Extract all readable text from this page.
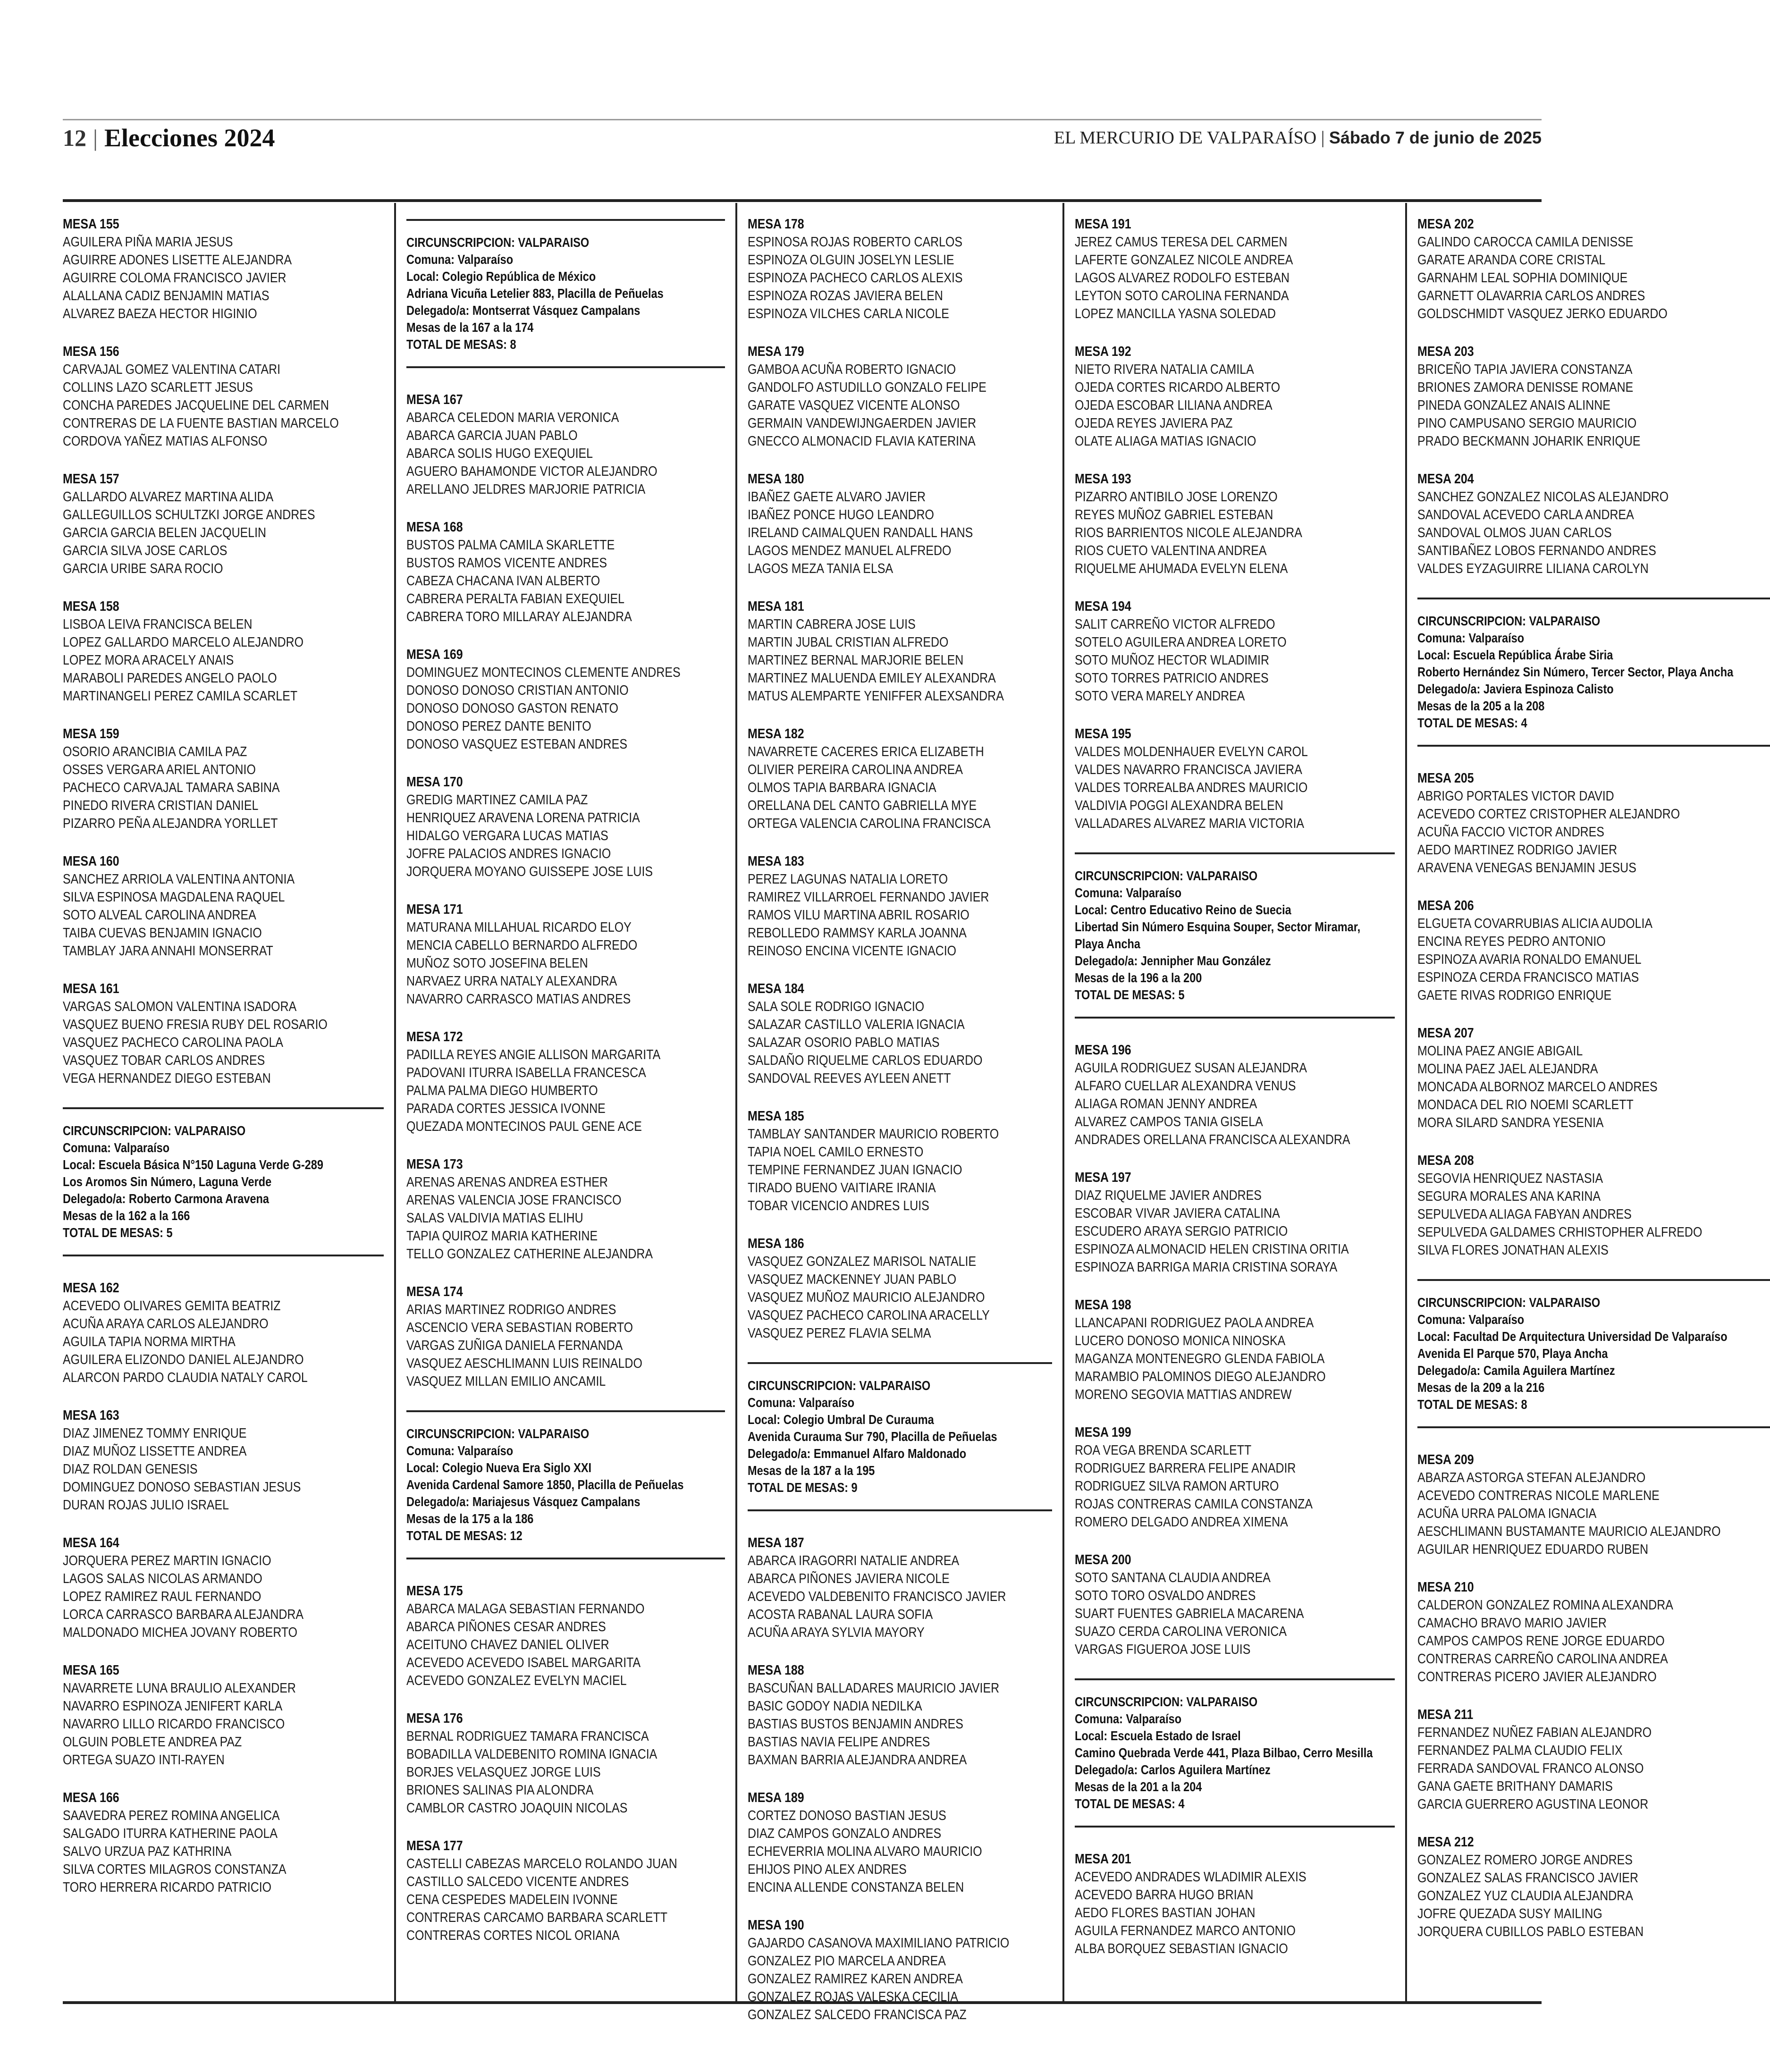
12 | Elecciones 2024	EL MERCURIO DE VALPARAÍSO | Sábado 7 de junio de 2025
MESA 155
AGUILERA PIÑA MARIA JESUS
AGUIRRE ADONES LISETTE ALEJANDRA
AGUIRRE COLOMA FRANCISCO JAVIER
ALALLANA CADIZ BENJAMIN MATIAS
ALVAREZ BAEZA HECTOR HIGINIO
MESA 156
CARVAJAL GOMEZ VALENTINA CATARI
COLLINS LAZO SCARLETT JESUS
CONCHA PAREDES JACQUELINE DEL CARMEN
CONTRERAS DE LA FUENTE BASTIAN MARCELO
CORDOVA YAÑEZ MATIAS ALFONSO
MESA 157
GALLARDO ALVAREZ MARTINA ALIDA
GALLEGUILLOS SCHULTZKI JORGE ANDRES
GARCIA GARCIA BELEN JACQUELIN
GARCIA SILVA JOSE CARLOS
GARCIA URIBE SARA ROCIO
MESA 158
LISBOA LEIVA FRANCISCA BELEN
LOPEZ GALLARDO MARCELO ALEJANDRO
LOPEZ MORA ARACELY ANAIS
MARABOLI PAREDES ANGELO PAOLO
MARTINANGELI PEREZ CAMILA SCARLET
MESA 159
OSORIO ARANCIBIA CAMILA PAZ
OSSES VERGARA ARIEL ANTONIO
PACHECO CARVAJAL TAMARA SABINA
PINEDO RIVERA CRISTIAN DANIEL
PIZARRO PEÑA ALEJANDRA YORLLET
MESA 160
SANCHEZ ARRIOLA VALENTINA ANTONIA
SILVA ESPINOSA MAGDALENA RAQUEL
SOTO ALVEAL CAROLINA ANDREA
TAIBA CUEVAS BENJAMIN IGNACIO
TAMBLAY JARA ANNAHI MONSERRAT
MESA 161
VARGAS SALOMON VALENTINA ISADORA
VASQUEZ BUENO FRESIA RUBY DEL ROSARIO
VASQUEZ PACHECO CAROLINA PAOLA
VASQUEZ TOBAR CARLOS ANDRES
VEGA HERNANDEZ DIEGO ESTEBAN
CIRCUNSCRIPCION: VALPARAISO
Comuna: Valparaíso
Local: Escuela Básica N°150 Laguna Verde G-289
Los Aromos Sin Número, Laguna Verde
Delegado/a: Roberto Carmona Aravena
Mesas de la 162 a la 166
TOTAL DE MESAS: 5
MESA 162
ACEVEDO OLIVARES GEMITA BEATRIZ
ACUÑA ARAYA CARLOS ALEJANDRO
AGUILA TAPIA NORMA MIRTHA
AGUILERA ELIZONDO DANIEL ALEJANDRO
ALARCON PARDO CLAUDIA NATALY CAROL
MESA 163
DIAZ JIMENEZ TOMMY ENRIQUE
DIAZ MUÑOZ LISSETTE ANDREA
DIAZ ROLDAN GENESIS
DOMINGUEZ DONOSO SEBASTIAN JESUS
DURAN ROJAS JULIO ISRAEL
MESA 164
JORQUERA PEREZ MARTIN IGNACIO
LAGOS SALAS NICOLAS ARMANDO
LOPEZ RAMIREZ RAUL FERNANDO
LORCA CARRASCO BARBARA ALEJANDRA
MALDONADO MICHEA JOVANY ROBERTO
MESA 165
NAVARRETE LUNA BRAULIO ALEXANDER
NAVARRO ESPINOZA JENIFERT KARLA
NAVARRO LILLO RICARDO FRANCISCO
OLGUIN POBLETE ANDREA PAZ
ORTEGA SUAZO INTI-RAYEN
MESA 166
SAAVEDRA PEREZ ROMINA ANGELICA
SALGADO ITURRA KATHERINE PAOLA
SALVO URZUA PAZ KATHRINA
SILVA CORTES MILAGROS CONSTANZA
TORO HERRERA RICARDO PATRICIO
CIRCUNSCRIPCION: VALPARAISO
Comuna: Valparaíso
Local: Colegio República de México
Adriana Vicuña Letelier 883, Placilla de Peñuelas
Delegado/a: Montserrat Vásquez Campalans
Mesas de la 167 a la 174
TOTAL DE MESAS: 8
MESA 167
ABARCA CELEDON MARIA VERONICA
ABARCA GARCIA JUAN PABLO
ABARCA SOLIS HUGO EXEQUIEL
AGUERO BAHAMONDE VICTOR ALEJANDRO
ARELLANO JELDRES MARJORIE PATRICIA
MESA 168
BUSTOS PALMA CAMILA SKARLETTE
BUSTOS RAMOS VICENTE ANDRES
CABEZA CHACANA IVAN ALBERTO
CABRERA PERALTA FABIAN EXEQUIEL
CABRERA TORO MILLARAY ALEJANDRA
MESA 169
DOMINGUEZ MONTECINOS CLEMENTE ANDRES
DONOSO DONOSO CRISTIAN ANTONIO
DONOSO DONOSO GASTON RENATO
DONOSO PEREZ DANTE BENITO
DONOSO VASQUEZ ESTEBAN ANDRES
MESA 170
GREDIG MARTINEZ CAMILA PAZ
HENRIQUEZ ARAVENA LORENA PATRICIA
HIDALGO VERGARA LUCAS MATIAS
JOFRE PALACIOS ANDRES IGNACIO
JORQUERA MOYANO GUISSEPE JOSE LUIS
MESA 171
MATURANA MILLAHUAL RICARDO ELOY
MENCIA CABELLO BERNARDO ALFREDO
MUÑOZ SOTO JOSEFINA BELEN
NARVAEZ URRA NATALY ALEXANDRA
NAVARRO CARRASCO MATIAS ANDRES
MESA 172
PADILLA REYES ANGIE ALLISON MARGARITA
PADOVANI ITURRA ISABELLA FRANCESCA
PALMA PALMA DIEGO HUMBERTO
PARADA CORTES JESSICA IVONNE
QUEZADA MONTECINOS PAUL GENE ACE
MESA 173
ARENAS ARENAS ANDREA ESTHER
ARENAS VALENCIA JOSE FRANCISCO
SALAS VALDIVIA MATIAS ELIHU
TAPIA QUIROZ MARIA KATHERINE
TELLO GONZALEZ CATHERINE ALEJANDRA
MESA 174
ARIAS MARTINEZ RODRIGO ANDRES
ASCENCIO VERA SEBASTIAN ROBERTO
VARGAS ZUÑIGA DANIELA FERNANDA
VASQUEZ AESCHLIMANN LUIS REINALDO
VASQUEZ MILLAN EMILIO ANCAMIL
CIRCUNSCRIPCION: VALPARAISO
Comuna: Valparaíso
Local: Colegio Nueva Era Siglo XXI
Avenida Cardenal Samore 1850, Placilla de Peñuelas
Delegado/a: Mariajesus Vásquez Campalans
Mesas de la 175 a la 186
TOTAL DE MESAS: 12
MESA 175
ABARCA MALAGA SEBASTIAN FERNANDO
ABARCA PIÑONES CESAR ANDRES
ACEITUNO CHAVEZ DANIEL OLIVER
ACEVEDO ACEVEDO ISABEL MARGARITA
ACEVEDO GONZALEZ EVELYN MACIEL
MESA 176
BERNAL RODRIGUEZ TAMARA FRANCISCA
BOBADILLA VALDEBENITO ROMINA IGNACIA
BORJES VELASQUEZ JORGE LUIS
BRIONES SALINAS PIA ALONDRA
CAMBLOR CASTRO JOAQUIN NICOLAS
MESA 177
CASTELLI CABEZAS MARCELO ROLANDO JUAN
CASTILLO SALCEDO VICENTE ANDRES
CENA CESPEDES MADELEIN IVONNE
CONTRERAS CARCAMO BARBARA SCARLETT
CONTRERAS CORTES NICOL ORIANA
MESA 178
ESPINOSA ROJAS ROBERTO CARLOS
ESPINOZA OLGUIN JOSELYN LESLIE
ESPINOZA PACHECO CARLOS ALEXIS
ESPINOZA ROZAS JAVIERA BELEN
ESPINOZA VILCHES CARLA NICOLE
MESA 179
GAMBOA ACUÑA ROBERTO IGNACIO
GANDOLFO ASTUDILLO GONZALO FELIPE
GARATE VASQUEZ VICENTE ALONSO
GERMAIN VANDEWIJNGAERDEN JAVIER
GNECCO ALMONACID FLAVIA KATERINA
MESA 180
IBAÑEZ GAETE ALVARO JAVIER
IBAÑEZ PONCE HUGO LEANDRO
IRELAND CAIMALQUEN RANDALL HANS
LAGOS MENDEZ MANUEL ALFREDO
LAGOS MEZA TANIA ELSA
MESA 181
MARTIN CABRERA JOSE LUIS
MARTIN JUBAL CRISTIAN ALFREDO
MARTINEZ BERNAL MARJORIE BELEN
MARTINEZ MALUENDA EMILEY ALEXANDRA
MATUS ALEMPARTE YENIFFER ALEXSANDRA
MESA 182
NAVARRETE CACERES ERICA ELIZABETH
OLIVIER PEREIRA CAROLINA ANDREA
OLMOS TAPIA BARBARA IGNACIA
ORELLANA DEL CANTO GABRIELLA MYE
ORTEGA VALENCIA CAROLINA FRANCISCA
MESA 183
PEREZ LAGUNAS NATALIA LORETO
RAMIREZ VILLARROEL FERNANDO JAVIER
RAMOS VILU MARTINA ABRIL ROSARIO
REBOLLEDO RAMMSY KARLA JOANNA
REINOSO ENCINA VICENTE IGNACIO
MESA 184
SALA SOLE RODRIGO IGNACIO
SALAZAR CASTILLO VALERIA IGNACIA
SALAZAR OSORIO PABLO MATIAS
SALDAÑO RIQUELME CARLOS EDUARDO
SANDOVAL REEVES AYLEEN ANETT
MESA 185
TAMBLAY SANTANDER MAURICIO ROBERTO
TAPIA NOEL CAMILO ERNESTO
TEMPINE FERNANDEZ JUAN IGNACIO
TIRADO BUENO VAITIARE IRANIA
TOBAR VICENCIO ANDRES LUIS
MESA 186
VASQUEZ GONZALEZ MARISOL NATALIE
VASQUEZ MACKENNEY JUAN PABLO
VASQUEZ MUÑOZ MAURICIO ALEJANDRO
VASQUEZ PACHECO CAROLINA ARACELLY
VASQUEZ PEREZ FLAVIA SELMA
CIRCUNSCRIPCION: VALPARAISO
Comuna: Valparaíso
Local: Colegio Umbral De Curauma
Avenida Curauma Sur 790, Placilla de Peñuelas
Delegado/a: Emmanuel Alfaro Maldonado
Mesas de la 187 a la 195
TOTAL DE MESAS: 9
MESA 187
ABARCA IRAGORRI NATALIE ANDREA
ABARCA PIÑONES JAVIERA NICOLE
ACEVEDO VALDEBENITO FRANCISCO JAVIER
ACOSTA RABANAL LAURA SOFIA
ACUÑA ARAYA SYLVIA MAYORY
MESA 188
BASCUÑAN BALLADARES MAURICIO JAVIER
BASIC GODOY NADIA NEDILKA
BASTIAS BUSTOS BENJAMIN ANDRES
BASTIAS NAVIA FELIPE ANDRES
BAXMAN BARRIA ALEJANDRA ANDREA
MESA 189
CORTEZ DONOSO BASTIAN JESUS
DIAZ CAMPOS GONZALO ANDRES
ECHEVERRIA MOLINA ALVARO MAURICIO
EHIJOS PINO ALEX ANDRES
ENCINA ALLENDE CONSTANZA BELEN
MESA 190
GAJARDO CASANOVA MAXIMILIANO PATRICIO
GONZALEZ PIO MARCELA ANDREA
GONZALEZ RAMIREZ KAREN ANDREA
GONZALEZ ROJAS VALESKA CECILIA
GONZALEZ SALCEDO FRANCISCA PAZ
MESA 191
JEREZ CAMUS TERESA DEL CARMEN
LAFERTE GONZALEZ NICOLE ANDREA
LAGOS ALVAREZ RODOLFO ESTEBAN
LEYTON SOTO CAROLINA FERNANDA
LOPEZ MANCILLA YASNA SOLEDAD
MESA 192
NIETO RIVERA NATALIA CAMILA
OJEDA CORTES RICARDO ALBERTO
OJEDA ESCOBAR LILIANA ANDREA
OJEDA REYES JAVIERA PAZ
OLATE ALIAGA MATIAS IGNACIO
MESA 193
PIZARRO ANTIBILO JOSE LORENZO
REYES MUÑOZ GABRIEL ESTEBAN
RIOS BARRIENTOS NICOLE ALEJANDRA
RIOS CUETO VALENTINA ANDREA
RIQUELME AHUMADA EVELYN ELENA
MESA 194
SALIT CARREÑO VICTOR ALFREDO
SOTELO AGUILERA ANDREA LORETO
SOTO MUÑOZ HECTOR WLADIMIR
SOTO TORRES PATRICIO ANDRES
SOTO VERA MARELY ANDREA
MESA 195
VALDES MOLDENHAUER EVELYN CAROL
VALDES NAVARRO FRANCISCA JAVIERA
VALDES TORREALBA ANDRES MAURICIO
VALDIVIA POGGI ALEXANDRA BELEN
VALLADARES ALVAREZ MARIA VICTORIA
CIRCUNSCRIPCION: VALPARAISO
Comuna: Valparaíso
Local: Centro Educativo Reino de Suecia
Libertad Sin Número Esquina Souper, Sector Miramar, Playa Ancha
Delegado/a: Jennipher Mau González
Mesas de la 196 a la 200
TOTAL DE MESAS: 5
MESA 196
AGUILA RODRIGUEZ SUSAN ALEJANDRA
ALFARO CUELLAR ALEXANDRA VENUS
ALIAGA ROMAN JENNY ANDREA
ALVAREZ CAMPOS TANIA GISELA
ANDRADES ORELLANA FRANCISCA ALEXANDRA
MESA 197
DIAZ RIQUELME JAVIER ANDRES
ESCOBAR VIVAR JAVIERA CATALINA
ESCUDERO ARAYA SERGIO PATRICIO
ESPINOZA ALMONACID HELEN CRISTINA ORITIA
ESPINOZA BARRIGA MARIA CRISTINA SORAYA
MESA 198
LLANCAPANI RODRIGUEZ PAOLA ANDREA
LUCERO DONOSO MONICA NINOSKA
MAGANZA MONTENEGRO GLENDA FABIOLA
MARAMBIO PALOMINOS DIEGO ALEJANDRO
MORENO SEGOVIA MATTIAS ANDREW
MESA 199
ROA VEGA BRENDA SCARLETT
RODRIGUEZ BARRERA FELIPE ANADIR
RODRIGUEZ SILVA RAMON ARTURO
ROJAS CONTRERAS CAMILA CONSTANZA
ROMERO DELGADO ANDREA XIMENA
MESA 200
SOTO SANTANA CLAUDIA ANDREA
SOTO TORO OSVALDO ANDRES
SUART FUENTES GABRIELA MACARENA
SUAZO CERDA CAROLINA VERONICA
VARGAS FIGUEROA JOSE LUIS
CIRCUNSCRIPCION: VALPARAISO
Comuna: Valparaíso
Local: Escuela Estado de Israel
Camino Quebrada Verde 441, Plaza Bilbao, Cerro Mesilla
Delegado/a: Carlos Aguilera Martínez
Mesas de la 201 a la 204
TOTAL DE MESAS: 4
MESA 201
ACEVEDO ANDRADES WLADIMIR ALEXIS
ACEVEDO BARRA HUGO BRIAN
AEDO FLORES BASTIAN JOHAN
AGUILA FERNANDEZ MARCO ANTONIO
ALBA BORQUEZ SEBASTIAN IGNACIO
MESA 202
GALINDO CAROCCA CAMILA DENISSE
GARATE ARANDA CORE CRISTAL
GARNAHM LEAL SOPHIA DOMINIQUE
GARNETT OLAVARRIA CARLOS ANDRES
GOLDSCHMIDT VASQUEZ JERKO EDUARDO
MESA 203
BRICEÑO TAPIA JAVIERA CONSTANZA
BRIONES ZAMORA DENISSE ROMANE
PINEDA GONZALEZ ANAIS ALINNE
PINO CAMPUSANO SERGIO MAURICIO
PRADO BECKMANN JOHARIK ENRIQUE
MESA 204
SANCHEZ GONZALEZ NICOLAS ALEJANDRO
SANDOVAL ACEVEDO CARLA ANDREA
SANDOVAL OLMOS JUAN CARLOS
SANTIBAÑEZ LOBOS FERNANDO ANDRES
VALDES EYZAGUIRRE LILIANA CAROLYN
CIRCUNSCRIPCION: VALPARAISO
Comuna: Valparaíso
Local: Escuela República Árabe Siria
Roberto Hernández Sin Número, Tercer Sector, Playa Ancha
Delegado/a: Javiera Espinoza Calisto
Mesas de la 205 a la 208
TOTAL DE MESAS: 4
MESA 205
ABRIGO PORTALES VICTOR DAVID
ACEVEDO CORTEZ CRISTOPHER ALEJANDRO
ACUÑA FACCIO VICTOR ANDRES
AEDO MARTINEZ RODRIGO JAVIER
ARAVENA VENEGAS BENJAMIN JESUS
MESA 206
ELGUETA COVARRUBIAS ALICIA AUDOLIA
ENCINA REYES PEDRO ANTONIO
ESPINOZA AVARIA RONALDO EMANUEL
ESPINOZA CERDA FRANCISCO MATIAS
GAETE RIVAS RODRIGO ENRIQUE
MESA 207
MOLINA PAEZ ANGIE ABIGAIL
MOLINA PAEZ JAEL ALEJANDRA
MONCADA ALBORNOZ MARCELO ANDRES
MONDACA DEL RIO NOEMI SCARLETT
MORA SILARD SANDRA YESENIA
MESA 208
SEGOVIA HENRIQUEZ NASTASIA
SEGURA MORALES ANA KARINA
SEPULVEDA ALIAGA FABYAN ANDRES
SEPULVEDA GALDAMES CRHISTOPHER ALFREDO
SILVA FLORES JONATHAN ALEXIS
CIRCUNSCRIPCION: VALPARAISO
Comuna: Valparaíso
Local: Facultad De Arquitectura Universidad De Valparaíso
Avenida El Parque 570, Playa Ancha
Delegado/a: Camila Aguilera Martínez
Mesas de la 209 a la 216
TOTAL DE MESAS: 8
MESA 209
ABARZA ASTORGA STEFAN ALEJANDRO
ACEVEDO CONTRERAS NICOLE MARLENE
ACUÑA URRA PALOMA IGNACIA
AESCHLIMANN BUSTAMANTE MAURICIO ALEJANDRO
AGUILAR HENRIQUEZ EDUARDO RUBEN
MESA 210
CALDERON GONZALEZ ROMINA ALEXANDRA
CAMACHO BRAVO MARIO JAVIER
CAMPOS CAMPOS RENE JORGE EDUARDO
CONTRERAS CARREÑO CAROLINA ANDREA
CONTRERAS PICERO JAVIER ALEJANDRO
MESA 211
FERNANDEZ NUÑEZ FABIAN ALEJANDRO
FERNANDEZ PALMA CLAUDIO FELIX
FERRADA SANDOVAL FRANCO ALONSO
GANA GAETE BRITHANY DAMARIS
GARCIA GUERRERO AGUSTINA LEONOR
MESA 212
GONZALEZ ROMERO JORGE ANDRES
GONZALEZ SALAS FRANCISCO JAVIER
GONZALEZ YUZ CLAUDIA ALEJANDRA
JOFRE QUEZADA SUSY MAILING
JORQUERA CUBILLOS PABLO ESTEBAN
